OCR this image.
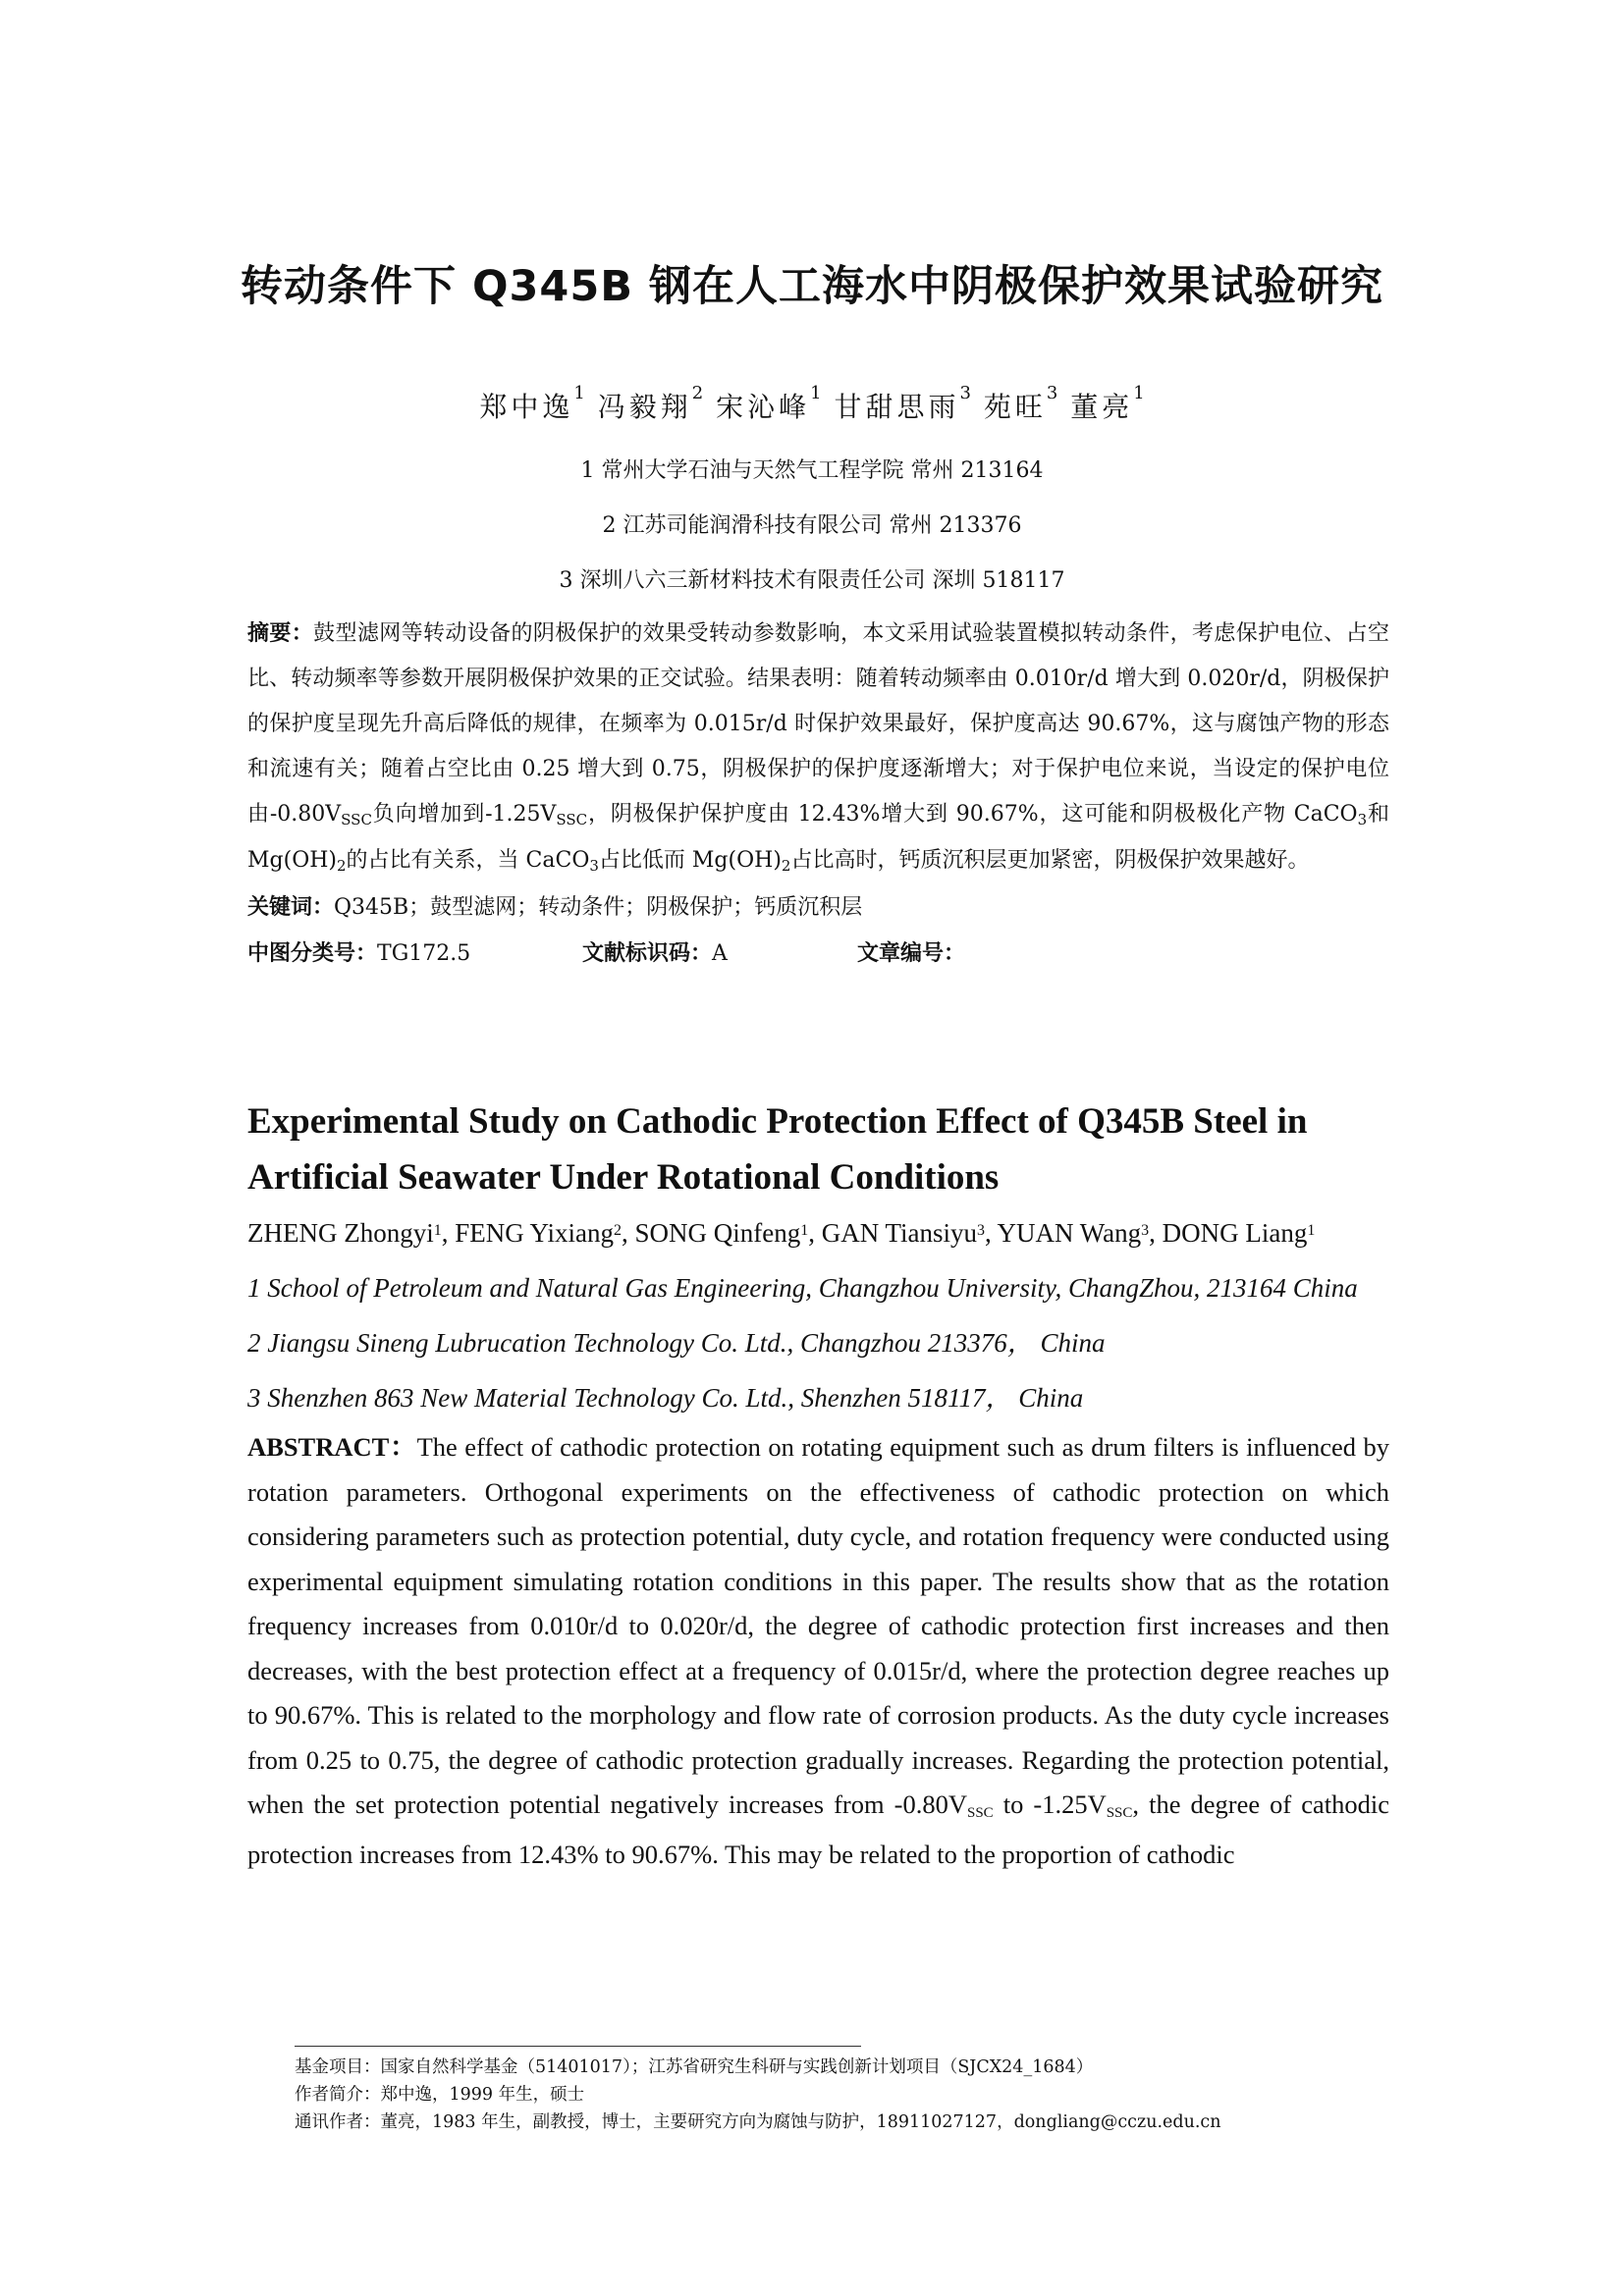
转动条件下 Q345B 钢在人工海水中阴极保护效果试验研究
郑中逸$^1$ 冯毅翔$^2$ 宋沁峰$^1$ 甘甜思雨$^3$ 苑旺$^3$ 董亮$^1$
1 常州大学石油与天然气工程学院 常州 213164
2 江苏司能润滑科技有限公司 常州 213376
3 深圳八六三新材料技术有限责任公司 深圳 518117

摘要：鼓型滤网等转动设备的阴极保护的效果受转动参数影响，本文采用试验装置模拟转动条件，考虑保护电位、占空比、转动频率等参数开展阴极保护效果的正交试验。结果表明：随着转动频率由 0.010r/d 增大到 0.020r/d，阴极保护的保护度呈现先升高后降低的规律，在频率为 0.015r/d 时保护效果最好，保护度高达 90.67%，这与腐蚀产物的形态和流速有关；随着占空比由 0.25 增大到 0.75，阴极保护的保护度逐渐增大；对于保护电位来说，当设定的保护电位由-0.80VSSC负向增加到-1.25VSSC，阴极保护保护度由 12.43%增大到 90.67%，这可能和阴极极化产物 CaCO3和 Mg(OH)2的占比有关系，当 CaCO3占比低而 Mg(OH)2占比高时，钙质沉积层更加紧密，阴极保护效果越好。

关键词：Q345B；鼓型滤网；转动条件；阴极保护；钙质沉积层

中图分类号：TG172.5	文献标识码：A	文章编号：

Experimental Study on Cathodic Protection Effect of Q345B Steel in Artificial Seawater Under Rotational Conditions

ZHENG Zhongyi$^1$, FENG Yixiang$^2$, SONG Qinfeng$^1$, GAN Tiansiyu$^3$, YUAN Wang$^3$, DONG Liang$^1$

1 School of Petroleum and Natural Gas Engineering, Changzhou University, ChangZhou, 213164 China

2 Jiangsu Sineng Lubrucation Technology Co. Ltd., Changzhou 213376， China

3 Shenzhen 863 New Material Technology Co. Ltd., Shenzhen 518117， China

ABSTRACT：The effect of cathodic protection on rotating equipment such as drum filters is influenced by rotation parameters. Orthogonal experiments on the effectiveness of cathodic protection on which considering parameters such as protection potential, duty cycle, and rotation frequency were conducted using experimental equipment simulating rotation conditions in this paper. The results show that as the rotation frequency increases from 0.010r/d to 0.020r/d, the degree of cathodic protection first increases and then decreases, with the best protection effect at a frequency of 0.015r/d, where the protection degree reaches up to 90.67%. This is related to the morphology and flow rate of corrosion products. As the duty cycle increases from 0.25 to 0.75, the degree of cathodic protection gradually increases. Regarding the protection potential, when the set protection potential negatively increases from -0.80VSSC to -1.25VSSC, the degree of cathodic protection increases from 12.43% to 90.67%. This may be related to the proportion of cathodic

基金项目：国家自然科学基金（51401017）；江苏省研究生科研与实践创新计划项目（SJCX24_1684）
作者简介：郑中逸，1999 年生，硕士
通讯作者：董亮，1983 年生，副教授，博士，主要研究方向为腐蚀与防护，18911027127，dongliang@cczu.edu.cn
